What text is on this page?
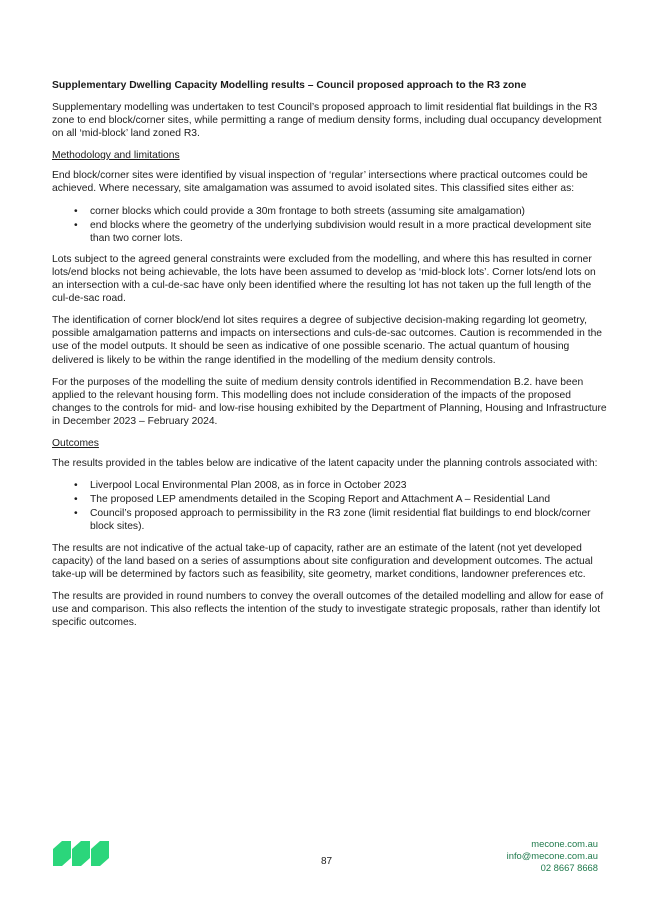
Supplementary Dwelling Capacity Modelling results – Council proposed approach to the R3 zone

Supplementary modelling was undertaken to test Council’s proposed approach to limit residential flat buildings in the R3 zone to end block/corner sites, while permitting a range of medium density forms, including dual occupancy development on all ‘mid-block’ land zoned R3.

Methodology and limitations

End block/corner sites were identified by visual inspection of ‘regular’ intersections where practical outcomes could be achieved. Where necessary, site amalgamation was assumed to avoid isolated sites. This classified sites either as:

• corner blocks which could provide a 30m frontage to both streets (assuming site amalgamation)
• end blocks where the geometry of the underlying subdivision would result in a more practical development site than two corner lots.

Lots subject to the agreed general constraints were excluded from the modelling, and where this has resulted in corner lots/end blocks not being achievable, the lots have been assumed to develop as ‘mid-block lots’. Corner lots/end lots on an intersection with a cul-de-sac have only been identified where the resulting lot has not taken up the full length of the cul-de-sac road.

The identification of corner block/end lot sites requires a degree of subjective decision-making regarding lot geometry, possible amalgamation patterns and impacts on intersections and culs-de-sac outcomes. Caution is recommended in the use of the model outputs. It should be seen as indicative of one possible scenario. The actual quantum of housing delivered is likely to be within the range identified in the modelling of the medium density controls.

For the purposes of the modelling the suite of medium density controls identified in Recommendation B.2. have been applied to the relevant housing form. This modelling does not include consideration of the impacts of the proposed changes to the controls for mid- and low-rise housing exhibited by the Department of Planning, Housing and Infrastructure in December 2023 – February 2024.

Outcomes

The results provided in the tables below are indicative of the latent capacity under the planning controls associated with:

• Liverpool Local Environmental Plan 2008, as in force in October 2023
• The proposed LEP amendments detailed in the Scoping Report and Attachment A – Residential Land
• Council’s proposed approach to permissibility in the R3 zone (limit residential flat buildings to end block/corner block sites).

The results are not indicative of the actual take-up of capacity, rather are an estimate of the latent (not yet developed capacity) of the land based on a series of assumptions about site configuration and development outcomes. The actual take-up will be determined by factors such as feasibility, site geometry, market conditions, landowner preferences etc.

The results are provided in round numbers to convey the overall outcomes of the detailed modelling and allow for ease of use and comparison. This also reflects the intention of the study to investigate strategic proposals, rather than identify lot specific outcomes.

87
mecone.com.au
info@mecone.com.au
02 8667 8668
